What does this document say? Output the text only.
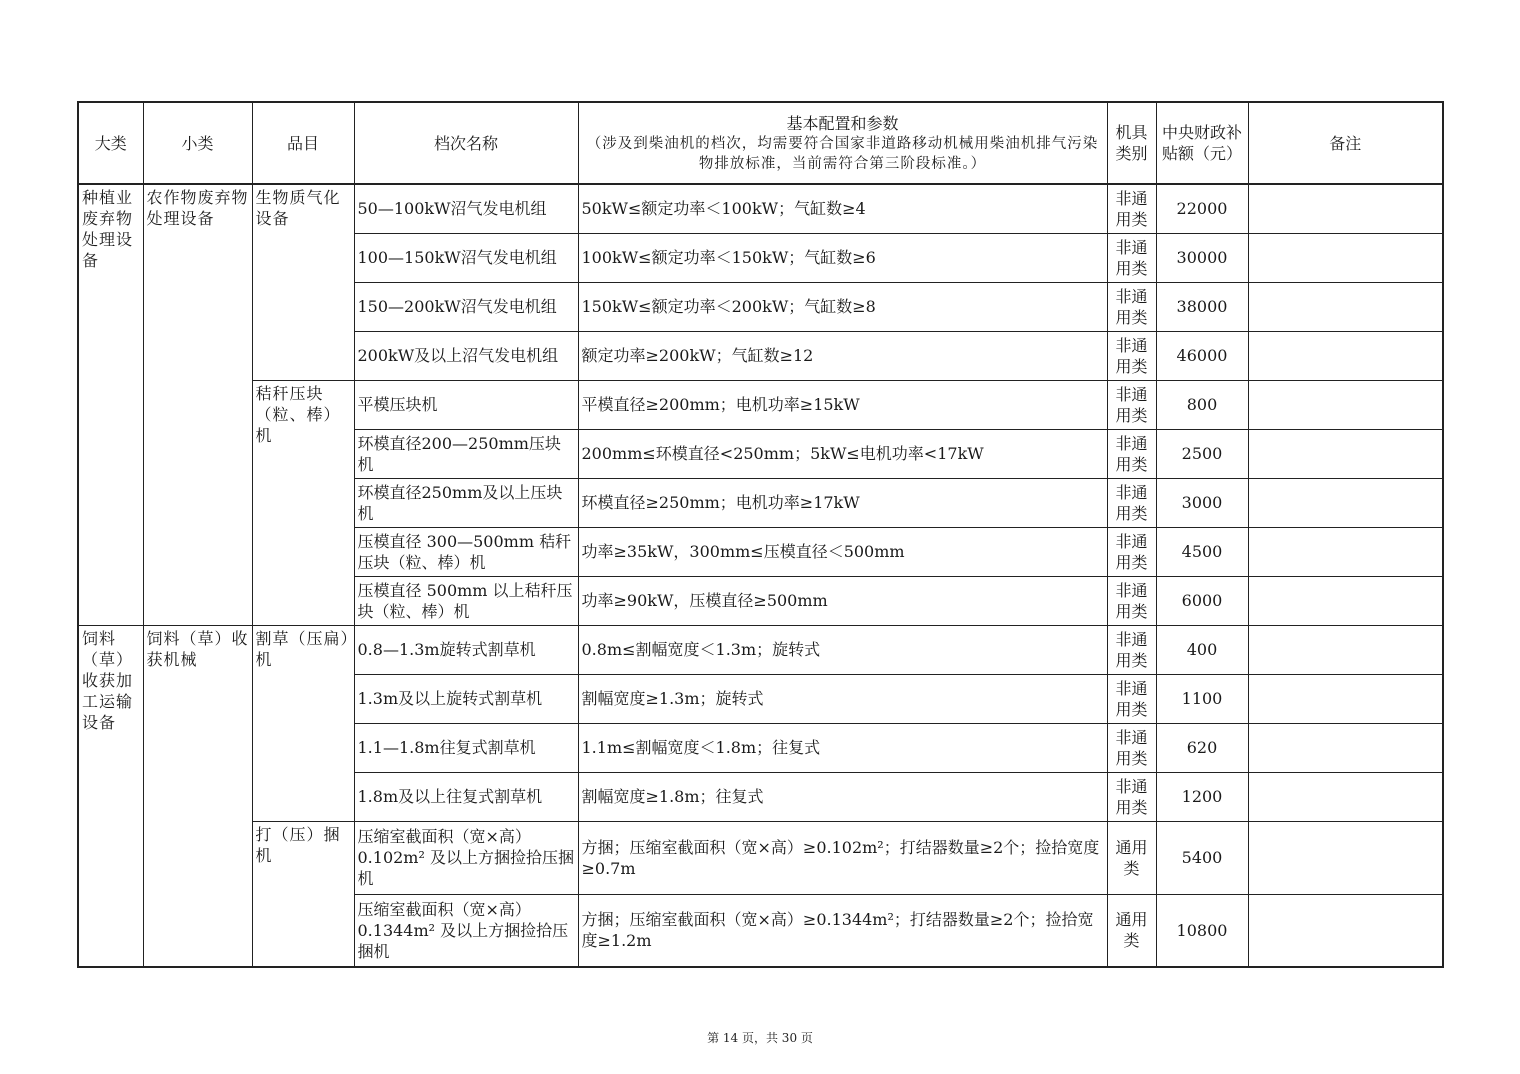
大类	小类	品目	档次名称	基本配置和参数
（涉及到柴油机的档次，均需要符合国家非道路移动机械用柴油机排气污染物排放标准，当前需符合第三阶段标准。）	机具类别	中央财政补贴额（元）	备注
种植业废弃物处理设备	农作物废弃物处理设备	生物质气化设备	50—100kW沼气发电机组	50kW≤额定功率＜100kW；气缸数≥4	非通用类	22000	
			100—150kW沼气发电机组	100kW≤额定功率＜150kW；气缸数≥6	非通用类	30000	
			150—200kW沼气发电机组	150kW≤额定功率＜200kW；气缸数≥8	非通用类	38000	
			200kW及以上沼气发电机组	额定功率≥200kW；气缸数≥12	非通用类	46000	
		秸秆压块（粒、棒）机	平模压块机	平模直径≥200mm；电机功率≥15kW	非通用类	800	
			环模直径200—250mm压块机	200mm≤环模直径<250mm；5kW≤电机功率<17kW	非通用类	2500	
			环模直径250mm及以上压块机	环模直径≥250mm；电机功率≥17kW	非通用类	3000	
			压模直径 300—500mm 秸秆压块（粒、棒）机	功率≥35kW，300mm≤压模直径＜500mm	非通用类	4500	
			压模直径 500mm 以上秸秆压块（粒、棒）机	功率≥90kW，压模直径≥500mm	非通用类	6000	
饲料（草）收获加工运输设备	饲料（草）收获机械	割草（压扁）机	0.8—1.3m旋转式割草机	0.8m≤割幅宽度＜1.3m；旋转式	非通用类	400	
			1.3m及以上旋转式割草机	割幅宽度≥1.3m；旋转式	非通用类	1100	
			1.1—1.8m往复式割草机	1.1m≤割幅宽度＜1.8m；往复式	非通用类	620	
			1.8m及以上往复式割草机	割幅宽度≥1.8m；往复式	非通用类	1200	
		打（压）捆机	压缩室截面积（宽×高）0.102m² 及以上方捆捡拾压捆机	方捆；压缩室截面积（宽×高）≥0.102m²；打结器数量≥2个；捡拾宽度≥0.7m	通用类	5400	
			压缩室截面积（宽×高）0.1344m² 及以上方捆捡拾压捆机	方捆；压缩室截面积（宽×高）≥0.1344m²；打结器数量≥2个；捡拾宽度≥1.2m	通用类	10800	
第 14 页，共 30 页
